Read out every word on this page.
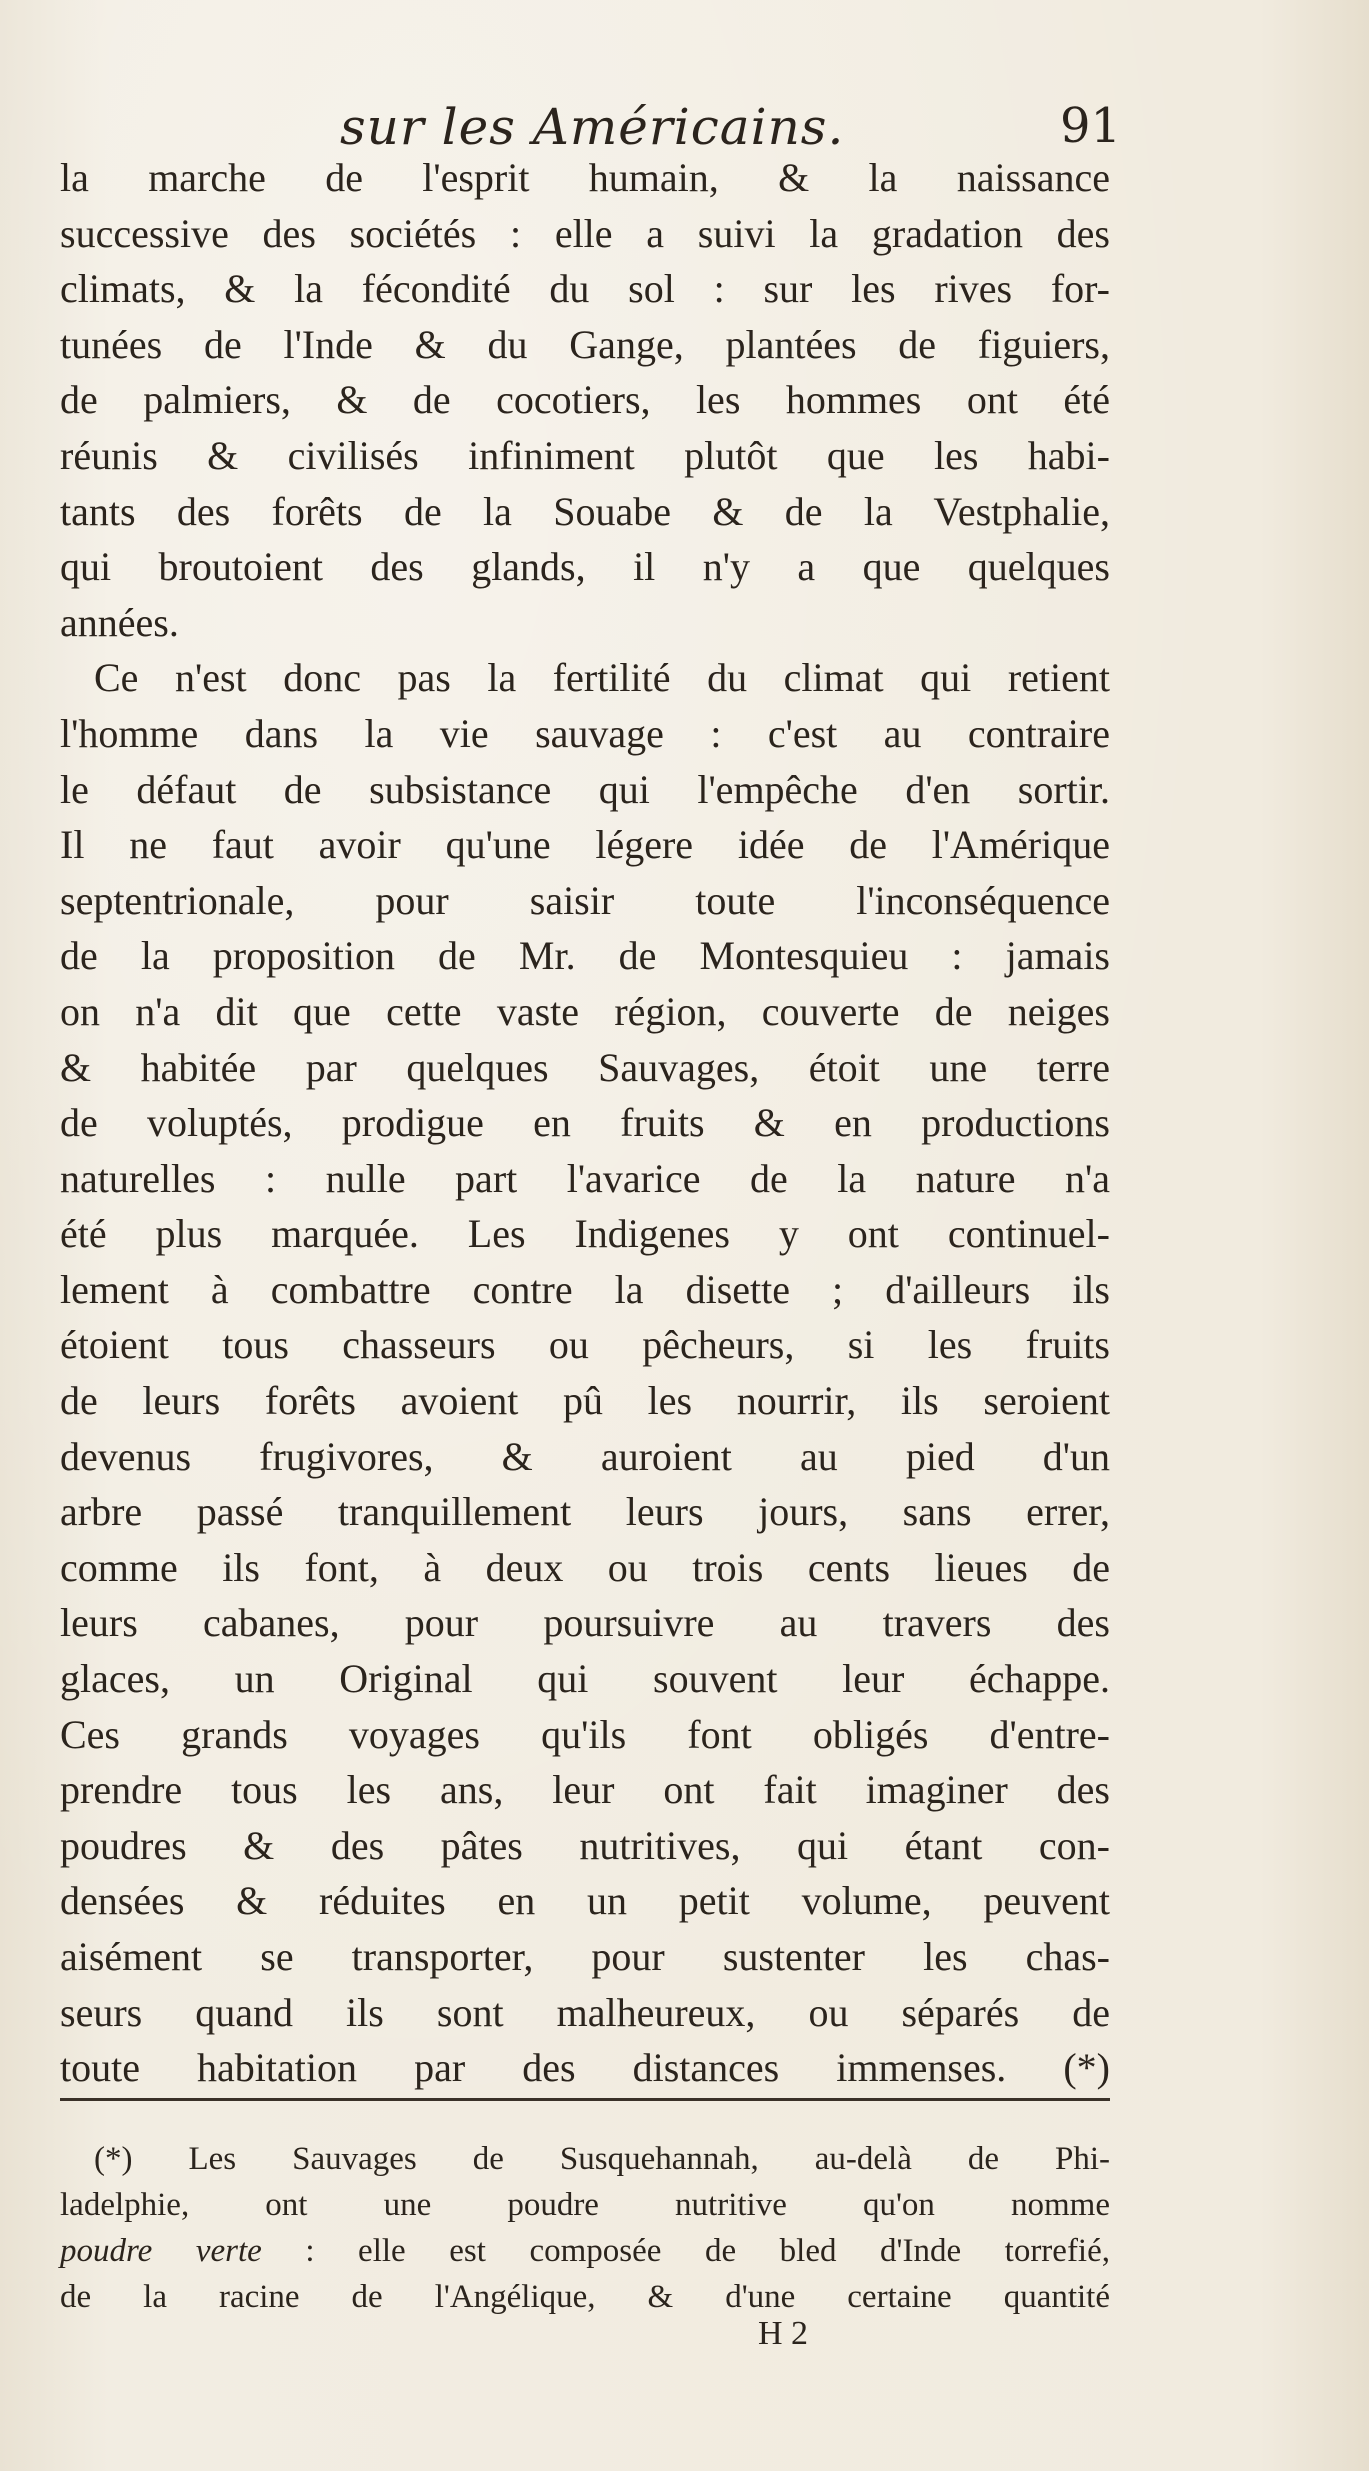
sur les Américains.	91
la marche de l'esprit humain, & la naissance
successive des sociétés : elle a suivi la gradation des
climats, & la fécondité du sol : sur les rives for-
tunées de l'Inde & du Gange, plantées de figuiers,
de palmiers, & de cocotiers, les hommes ont été
réunis & civilisés infiniment plutôt que les habi-
tants des forêts de la Souabe & de la Vestphalie,
qui broutoient des glands, il n'y a que quelques
années.
Ce n'est donc pas la fertilité du climat qui retient
l'homme dans la vie sauvage : c'est au contraire
le défaut de subsistance qui l'empêche d'en sortir.
Il ne faut avoir qu'une légere idée de l'Amérique
septentrionale, pour saisir toute l'inconséquence
de la proposition de Mr. de Montesquieu : jamais
on n'a dit que cette vaste région, couverte de neiges
& habitée par quelques Sauvages, étoit une terre
de voluptés, prodigue en fruits & en productions
naturelles : nulle part l'avarice de la nature n'a
été plus marquée. Les Indigenes y ont continuel-
lement à combattre contre la disette ; d'ailleurs ils
étoient tous chasseurs ou pêcheurs, si les fruits
de leurs forêts avoient pû les nourrir, ils seroient
devenus frugivores, & auroient au pied d'un
arbre passé tranquillement leurs jours, sans errer,
comme ils font, à deux ou trois cents lieues de
leurs cabanes, pour poursuivre au travers des
glaces, un Original qui souvent leur échappe.
Ces grands voyages qu'ils font obligés d'entre-
prendre tous les ans, leur ont fait imaginer des
poudres & des pâtes nutritives, qui étant con-
densées & réduites en un petit volume, peuvent
aisément se transporter, pour sustenter les chas-
seurs quand ils sont malheureux, ou séparés de
toute habitation par des distances immenses. (*)
(*) Les Sauvages de Susquehannah, au-delà de Phi-
ladelphie, ont une poudre nutritive qu'on nomme
poudre verte : elle est composée de bled d'Inde torrefié,
de la racine de l'Angélique, & d'une certaine quantité
H 2
